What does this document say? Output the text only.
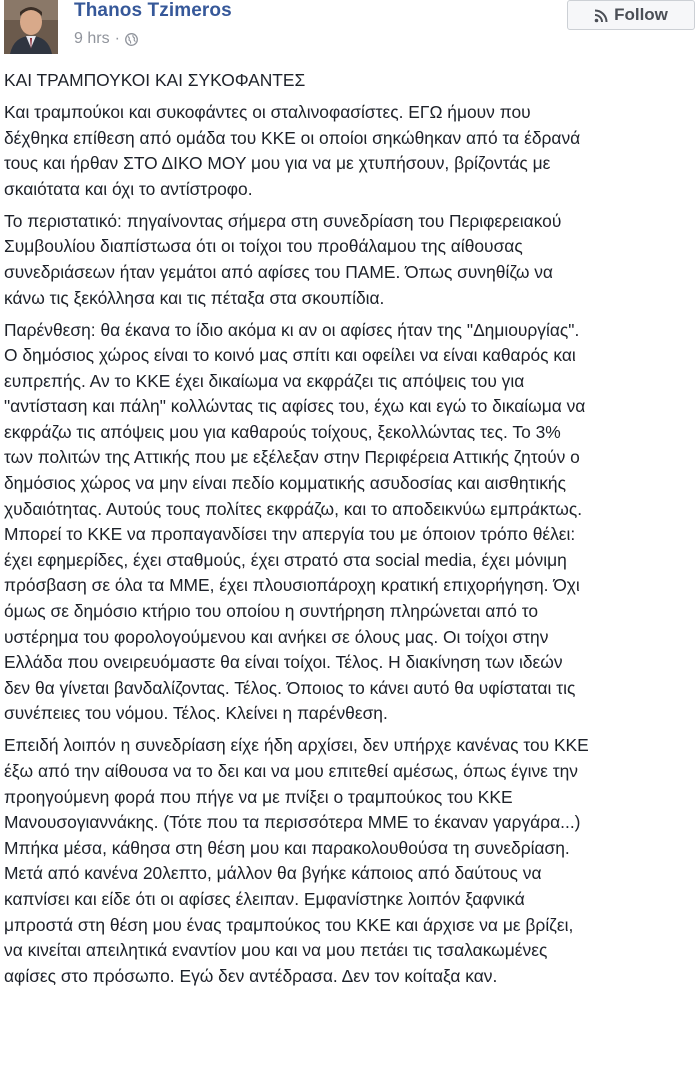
Thanos Tzimeros
9 hrs ·
Follow

ΚΑΙ ΤΡΑΜΠΟΥΚΟΙ ΚΑΙ ΣΥΚΟΦΑΝΤΕΣ

Και τραμπούκοι και συκοφάντες οι σταλινοφασίστες. ΕΓΩ ήμουν που
δέχθηκα επίθεση από ομάδα του ΚΚΕ οι οποίοι σηκώθηκαν από τα έδρανά
τους και ήρθαν ΣΤΟ ΔΙΚΟ ΜΟΥ μου για να με χτυπήσουν, βρίζοντάς με
σκαιότατα και όχι το αντίστροφο.

Το περιστατικό: πηγαίνοντας σήμερα στη συνεδρίαση του Περιφερειακού
Συμβουλίου διαπίστωσα ότι οι τοίχοι του προθάλαμου της αίθουσας
συνεδριάσεων ήταν γεμάτοι από αφίσες του ΠΑΜΕ. Όπως συνηθίζω να
κάνω τις ξεκόλλησα και τις πέταξα στα σκουπίδια.

Παρένθεση: θα έκανα το ίδιο ακόμα κι αν οι αφίσες ήταν της "Δημιουργίας".
Ο δημόσιος χώρος είναι το κοινό μας σπίτι και οφείλει να είναι καθαρός και
ευπρεπής. Αν το ΚΚΕ έχει δικαίωμα να εκφράζει τις απόψεις του για
"αντίσταση και πάλη" κολλώντας τις αφίσες του, έχω και εγώ το δικαίωμα να
εκφράζω τις απόψεις μου για καθαρούς τοίχους, ξεκολλώντας τες. Το 3%
των πολιτών της Αττικής που με εξέλεξαν στην Περιφέρεια Αττικής ζητούν ο
δημόσιος χώρος να μην είναι πεδίο κομματικής ασυδοσίας και αισθητικής
χυδαιότητας. Αυτούς τους πολίτες εκφράζω, και το αποδεικνύω εμπράκτως.
Μπορεί το ΚΚΕ να προπαγανδίσει την απεργία του με όποιον τρόπο θέλει:
έχει εφημερίδες, έχει σταθμούς, έχει στρατό στα social media, έχει μόνιμη
πρόσβαση σε όλα τα ΜΜΕ, έχει πλουσιοπάροχη κρατική επιχορήγηση. Όχι
όμως σε δημόσιο κτήριο του οποίου η συντήρηση πληρώνεται από το
υστέρημα του φορολογούμενου και ανήκει σε όλους μας. Οι τοίχοι στην
Ελλάδα που ονειρευόμαστε θα είναι τοίχοι. Τέλος. Η διακίνηση των ιδεών
δεν θα γίνεται βανδαλίζοντας. Τέλος. Όποιος το κάνει αυτό θα υφίσταται τις
συνέπειες του νόμου. Τέλος. Κλείνει η παρένθεση.

Επειδή λοιπόν η συνεδρίαση είχε ήδη αρχίσει, δεν υπήρχε κανένας του ΚΚΕ
έξω από την αίθουσα να το δει και να μου επιτεθεί αμέσως, όπως έγινε την
προηγούμενη φορά που πήγε να με πνίξει ο τραμπούκος του ΚΚΕ
Μανουσογιαννάκης. (Τότε που τα περισσότερα ΜΜΕ το έκαναν γαργάρα...)
Μπήκα μέσα, κάθησα στη θέση μου και παρακολουθούσα τη συνεδρίαση.
Μετά από κανένα 20λεπτο, μάλλον θα βγήκε κάποιος από δαύτους να
καπνίσει και είδε ότι οι αφίσες έλειπαν. Εμφανίστηκε λοιπόν ξαφνικά
μπροστά στη θέση μου ένας τραμπούκος του ΚΚΕ και άρχισε να με βρίζει,
να κινείται απειλητικά εναντίον μου και να μου πετάει τις τσαλακωμένες
αφίσες στο πρόσωπο. Εγώ δεν αντέδρασα. Δεν τον κοίταξα καν.
